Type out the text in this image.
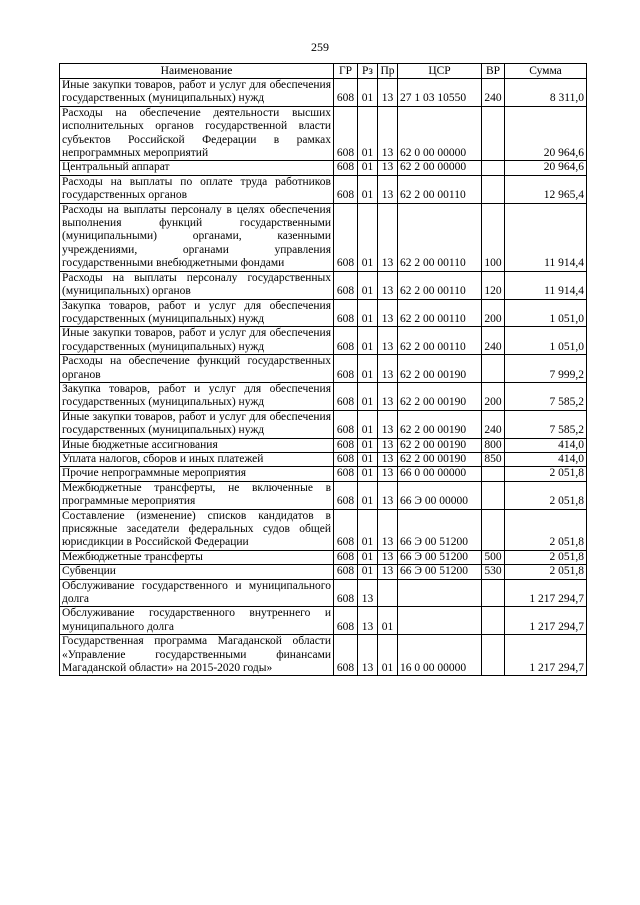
259
Наименование	ГР	Рз	Пр	ЦСР	ВР	Сумма
Иные закупки товаров, работ и услуг для обеспечения государственных (муниципальных) нужд	608	01	13	27 1 03 10550	240	8 311,0
Расходы на обеспечение деятельности высших исполнительных органов государственной власти субъектов Российской Федерации в рамках непрограммных мероприятий	608	01	13	62 0 00 00000		20 964,6
Центральный аппарат	608	01	13	62 2 00 00000		20 964,6
Расходы на выплаты по оплате труда работников государственных органов	608	01	13	62 2 00 00110		12 965,4
Расходы на выплаты персоналу в целях обеспечения выполнения функций государственными (муниципальными) органами, казенными учреждениями, органами управления государственными внебюджетными фондами	608	01	13	62 2 00 00110	100	11 914,4
Расходы на выплаты персоналу государственных (муниципальных) органов	608	01	13	62 2 00 00110	120	11 914,4
Закупка товаров, работ и услуг для обеспечения государственных (муниципальных) нужд	608	01	13	62 2 00 00110	200	1 051,0
Иные закупки товаров, работ и услуг для обеспечения государственных (муниципальных) нужд	608	01	13	62 2 00 00110	240	1 051,0
Расходы на обеспечение функций государственных органов	608	01	13	62 2 00 00190		7 999,2
Закупка товаров, работ и услуг для обеспечения государственных (муниципальных) нужд	608	01	13	62 2 00 00190	200	7 585,2
Иные закупки товаров, работ и услуг для обеспечения государственных (муниципальных) нужд	608	01	13	62 2 00 00190	240	7 585,2
Иные бюджетные ассигнования	608	01	13	62 2 00 00190	800	414,0
Уплата налогов, сборов и иных платежей	608	01	13	62 2 00 00190	850	414,0
Прочие непрограммные мероприятия	608	01	13	66 0 00 00000		2 051,8
Межбюджетные трансферты, не включенные в программные мероприятия	608	01	13	66 Э 00 00000		2 051,8
Составление (изменение) списков кандидатов в присяжные заседатели федеральных судов общей юрисдикции в Российской Федерации	608	01	13	66 Э 00 51200		2 051,8
Межбюджетные трансферты	608	01	13	66 Э 00 51200	500	2 051,8
Субвенции	608	01	13	66 Э 00 51200	530	2 051,8
Обслуживание государственного и муниципального долга	608	13				1 217 294,7
Обслуживание государственного внутреннего и муниципального долга	608	13	01			1 217 294,7
Государственная программа Магаданской области «Управление государственными финансами Магаданской области» на 2015-2020 годы»	608	13	01	16 0 00 00000		1 217 294,7
